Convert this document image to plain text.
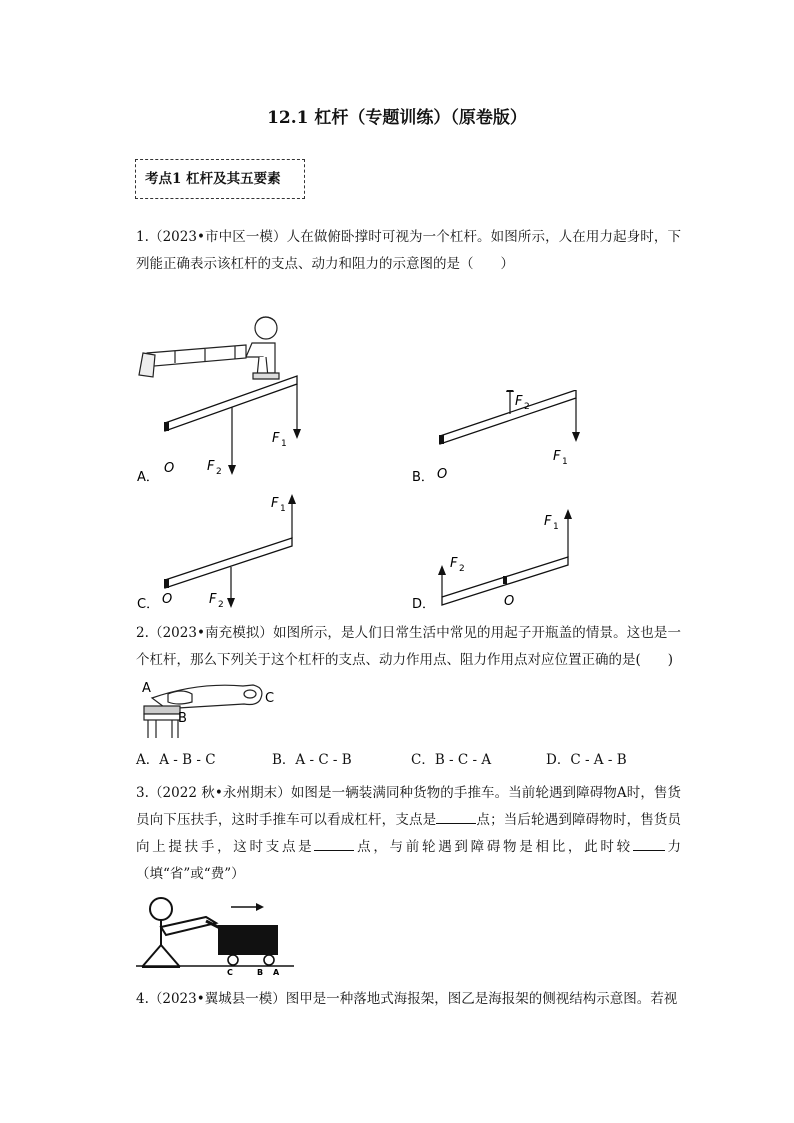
12.1 杠杆（专题训练）（原卷版）
考点1 杠杆及其五要素
1.（2023•市中区一模）人在做俯卧撑时可视为一个杠杆。如图所示，人在用力起身时，下列能正确表示该杠杆的支点、动力和阻力的示意图的是（　　）
A．
O	F 2
F 1
B． O
F 1
F 2
C． O	F 2
F 1
D．	O
F 2
F 1
2.（2023•南充模拟）如图所示，是人们日常生活中常见的用起子开瓶盖的情景。这也是一个杠杆，那么下列关于这个杠杆的支点、动力作用点、阻力作用点对应位置正确的是(　　)
A
B
C
A．A - B - C	B．A - C - B	C．B - C - A	D．C - A - B
3.（2022 秋•永州期末）如图是一辆装满同种货物的手推车。当前轮遇到障碍物A时，售货员向下压扶手，这时手推车可以看成杠杆，支点是	点；当后轮遇到障碍物时，售货员向上提扶手，这时支点是	点，与前轮遇到障碍物是相比，此时较 力（填“省”或“费”）
C	B A
4.（2023•翼城县一模）图甲是一种落地式海报架，图乙是海报架的侧视结构示意图。若视
